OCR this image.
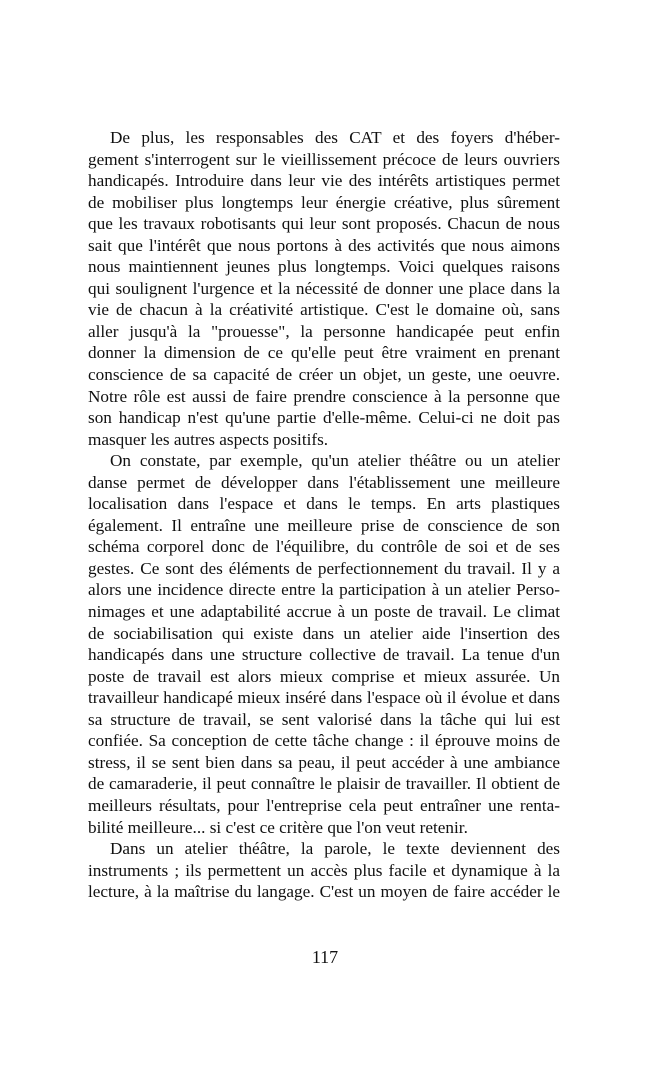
De plus, les responsables des CAT et des foyers d'héber-
gement s'interrogent sur le vieillissement précoce de leurs ouvriers
handicapés. Introduire dans leur vie des intérêts artistiques permet
de mobiliser plus longtemps leur énergie créative, plus sûrement
que les travaux robotisants qui leur sont proposés. Chacun de nous
sait que l'intérêt que nous portons à des activités que nous aimons
nous maintiennent jeunes plus longtemps. Voici quelques raisons
qui soulignent l'urgence et la nécessité de donner une place dans la
vie de chacun à la créativité artistique. C'est le domaine où, sans
aller jusqu'à la "prouesse", la personne handicapée peut enfin
donner la dimension de ce qu'elle peut être vraiment en prenant
conscience de sa capacité de créer un objet, un geste, une oeuvre.
Notre rôle est aussi de faire prendre conscience à la personne que
son handicap n'est qu'une partie d'elle-même. Celui-ci ne doit pas
masquer les autres aspects positifs.
On constate, par exemple, qu'un atelier théâtre ou un atelier
danse permet de développer dans l'établissement une meilleure
localisation dans l'espace et dans le temps. En arts plastiques
également. Il entraîne une meilleure prise de conscience de son
schéma corporel donc de l'équilibre, du contrôle de soi et de ses
gestes. Ce sont des éléments de perfectionnement du travail. Il y a
alors une incidence directe entre la participation à un atelier Perso-
nimages et une adaptabilité accrue à un poste de travail. Le climat
de sociabilisation qui existe dans un atelier aide l'insertion des
handicapés dans une structure collective de travail. La tenue d'un
poste de travail est alors mieux comprise et mieux assurée. Un
travailleur handicapé mieux inséré dans l'espace où il évolue et dans
sa structure de travail, se sent valorisé dans la tâche qui lui est
confiée. Sa conception de cette tâche change : il éprouve moins de
stress, il se sent bien dans sa peau, il peut accéder à une ambiance
de camaraderie, il peut connaître le plaisir de travailler. Il obtient de
meilleurs résultats, pour l'entreprise cela peut entraîner une renta-
bilité meilleure... si c'est ce critère que l'on veut retenir.
Dans un atelier théâtre, la parole, le texte deviennent des
instruments ; ils permettent un accès plus facile et dynamique à la
lecture, à la maîtrise du langage. C'est un moyen de faire accéder le
117
